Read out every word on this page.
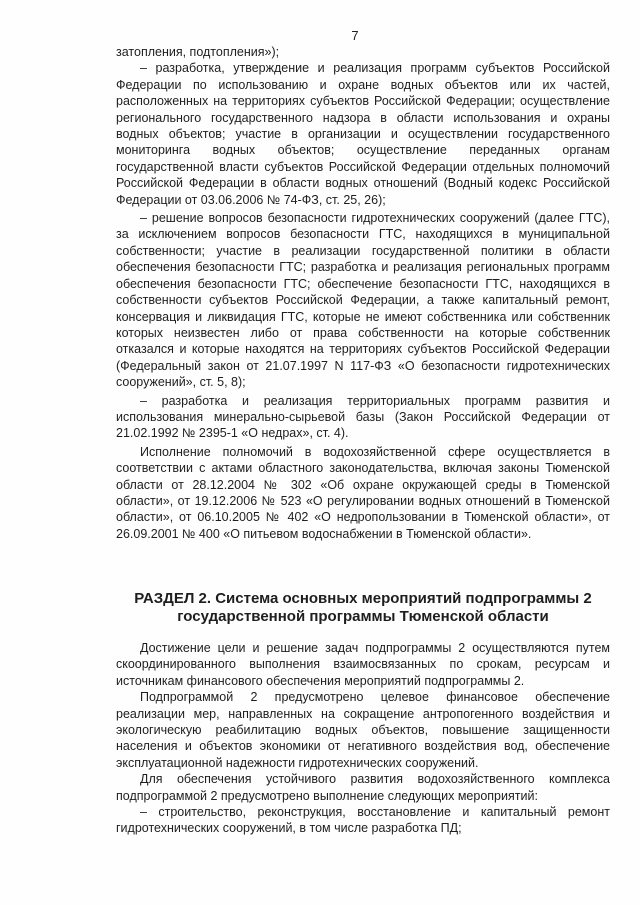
7

затопления, подтопления»);

– разработка, утверждение и реализация программ субъектов Российской Федерации по использованию и охране водных объектов или их частей, расположенных на территориях субъектов Российской Федерации; осуществление регионального государственного надзора в области использования и охраны водных объектов; участие в организации и осуществлении государственного мониторинга водных объектов; осуществление переданных органам государственной власти субъектов Российской Федерации отдельных полномочий Российской Федерации в области водных отношений (Водный кодекс Российской Федерации от 03.06.2006 № 74-ФЗ, ст. 25, 26);

– решение вопросов безопасности гидротехнических сооружений (далее ГТС), за исключением вопросов безопасности ГТС, находящихся в муниципальной собственности; участие в реализации государственной политики в области обеспечения безопасности ГТС; разработка и реализация региональных программ обеспечения безопасности ГТС; обеспечение безопасности ГТС, находящихся в собственности субъектов Российской Федерации, а также капитальный ремонт, консервация и ликвидация ГТС, которые не имеют собственника или собственник которых неизвестен либо от права собственности на которые собственник отказался и которые находятся на территориях субъектов Российской Федерации (Федеральный закон от 21.07.1997 N 117-ФЗ «О безопасности гидротехнических сооружений», ст. 5, 8);

– разработка и реализация территориальных программ развития и использования минерально-сырьевой базы (Закон Российской Федерации от 21.02.1992 № 2395-1 «О недрах», ст. 4).

Исполнение полномочий в водохозяйственной сфере осуществляется в соответствии с актами областного законодательства, включая законы Тюменской области от 28.12.2004 № 302 «Об охране окружающей среды в Тюменской области», от 19.12.2006 № 523 «О регулировании водных отношений в Тюменской области», от 06.10.2005 № 402 «О недропользовании в Тюменской области», от 26.09.2001 № 400 «О питьевом водоснабжении в Тюменской области».

РАЗДЕЛ 2. Система основных мероприятий подпрограммы 2 государственной программы Тюменской области

Достижение цели и решение задач подпрограммы 2 осуществляются путем скоординированного выполнения взаимосвязанных по срокам, ресурсам и источникам финансового обеспечения мероприятий подпрограммы 2.

Подпрограммой 2 предусмотрено целевое финансовое обеспечение реализации мер, направленных на сокращение антропогенного воздействия и экологическую реабилитацию водных объектов, повышение защищенности населения и объектов экономики от негативного воздействия вод, обеспечение эксплуатационной надежности гидротехнических сооружений.

Для обеспечения устойчивого развития водохозяйственного комплекса подпрограммой 2 предусмотрено выполнение следующих мероприятий:

– строительство, реконструкция, восстановление и капитальный ремонт гидротехнических сооружений, в том числе разработка ПД;
